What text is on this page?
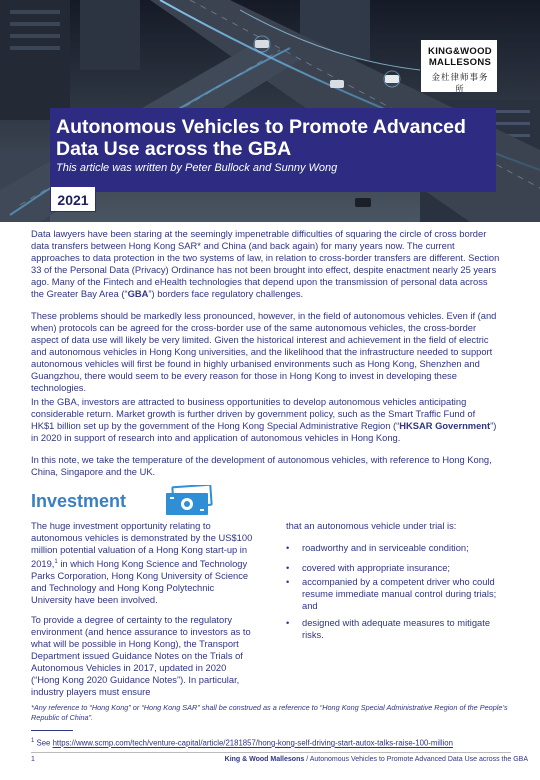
KING&WOOD
MALLESONS
金杜律师事务所
Autonomous Vehicles to Promote Advanced Data Use across the GBA
This article was written by Peter Bullock and Sunny Wong
2021
Data lawyers have been staring at the seemingly impenetrable difficulties of squaring the circle of cross border data transfers between Hong Kong SAR* and China (and back again) for many years now. The current approaches to data protection in the two systems of law, in relation to cross-border transfers are different. Section 33 of the Personal Data (Privacy) Ordinance has not been brought into effect, despite enactment nearly 25 years ago. Many of the Fintech and eHealth technologies that depend upon the transmission of personal data across the Greater Bay Area (“GBA”) borders face regulatory challenges.
These problems should be markedly less pronounced, however, in the field of autonomous vehicles. Even if (and when) protocols can be agreed for the cross-border use of the same autonomous vehicles, the cross-border aspect of data use will likely be very limited. Given the historical interest and achievement in the field of electric and autonomous vehicles in Hong Kong universities, and the likelihood that the infrastructure needed to support autonomous vehicles will first be found in highly urbanised environments such as Hong Kong, Shenzhen and Guangzhou, there would seem to be every reason for those in Hong Kong to invest in developing these technologies.
In the GBA, investors are attracted to business opportunities to develop autonomous vehicles anticipating considerable return. Market growth is further driven by government policy, such as the Smart Traffic Fund of HK$1 billion set up by the government of the Hong Kong Special Administrative Region (“HKSAR Government”) in 2020 in support of research into and application of autonomous vehicles in Hong Kong.
In this note, we take the temperature of the development of autonomous vehicles, with reference to Hong Kong, China, Singapore and the UK.
Investment
The huge investment opportunity relating to autonomous vehicles is demonstrated by the US$100 million potential valuation of a Hong Kong start-up in 2019,$^1$ in which Hong Kong Science and Technology Parks Corporation, Hong Kong University of Science and Technology and Hong Kong Polytechnic University have been involved.
To provide a degree of certainty to the regulatory environment (and hence assurance to investors as to what will be possible in Hong Kong), the Transport Department issued Guidance Notes on the Trials of Autonomous Vehicles in 2017, updated in 2020 (“Hong Kong 2020 Guidance Notes”). In particular, industry players must ensure
that an autonomous vehicle under trial is:
• roadworthy and in serviceable condition;
• covered with appropriate insurance;
• accompanied by a competent driver who could resume immediate manual control during trials; and
• designed with adequate measures to mitigate risks.
*Any reference to “Hong Kong” or “Hong Kong SAR” shall be construed as a reference to “Hong Kong Special Administrative Region of the People’s Republic of China”.
$^1$ See https://www.scmp.com/tech/venture-capital/article/2181857/hong-kong-self-driving-start-autox-talks-raise-100-million
1	King & Wood Mallesons / Autonomous Vehicles to Promote Advanced Data Use across the GBA
